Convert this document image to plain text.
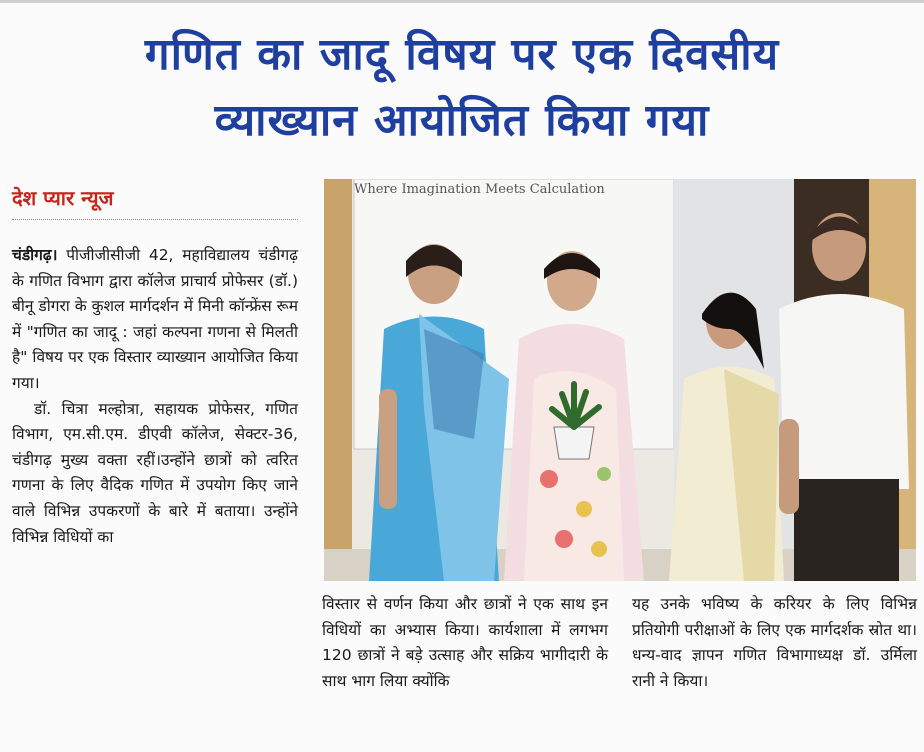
गणित का जादू विषय पर एक दिवसीय
व्याख्यान आयोजित किया गया
देश प्यार न्यूज

चंडीगढ़। पीजीजीसीजी 42, महाविद्यालय चंडीगढ़ के गणित विभाग द्वारा कॉलेज प्राचार्य प्रोफेसर (डॉ.) बीनू डोगरा के कुशल मार्गदर्शन में मिनी कॉन्फ्रेंस रूम में "गणित का जादू : जहां कल्पना गणना से मिलती है" विषय पर एक विस्तार व्याख्यान आयोजित किया गया।

डॉ. चित्रा मल्होत्रा, सहायक प्रोफेसर, गणित विभाग, एम.सी.एम. डीएवी कॉलेज, सेक्टर-36, चंडीगढ़ मुख्य वक्ता रहीं।उन्होंने छात्रों को त्वरित गणना के लिए वैदिक गणित में उपयोग किए जाने वाले विभिन्न उपकरणों के बारे में बताया। उन्होंने विभिन्न विधियों का

Where Imagination Meets Calculation

विस्तार से वर्णन किया और छात्रों ने एक साथ इन विधियों का अभ्यास किया। कार्यशाला में लगभग 120 छात्रों ने बड़े उत्साह और सक्रिय भागीदारी के साथ भाग लिया क्योंकि

यह उनके भविष्य के करियर के लिए विभिन्न प्रतियोगी परीक्षाओं के लिए एक मार्गदर्शक स्रोत था।धन्य-वाद ज्ञापन गणित विभागाध्यक्ष डॉ. उर्मिला रानी ने किया।
